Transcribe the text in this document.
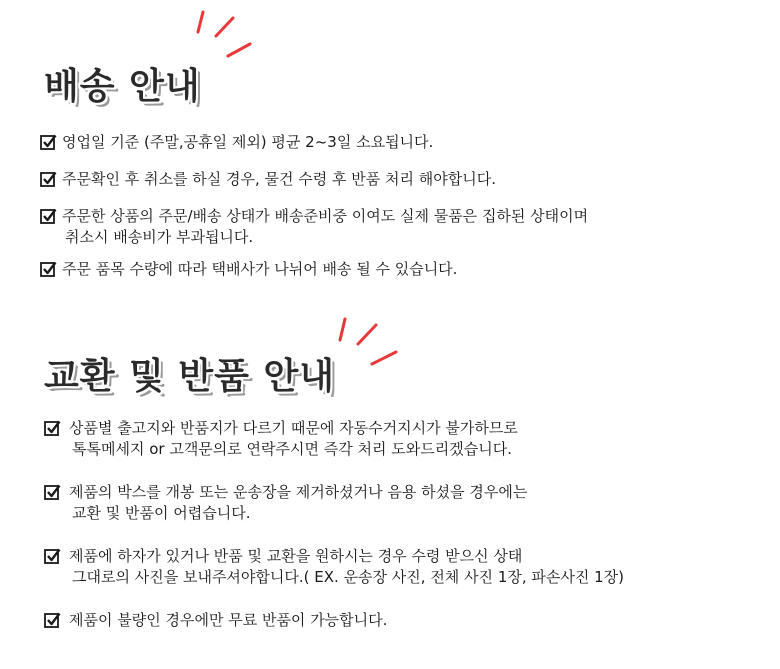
배송 안내
영업일 기준 (주말,공휴일 제외) 평균 2~3일 소요됩니다.
주문확인 후 취소를 하실 경우, 물건 수령 후 반품 처리 해야합니다.
주문한 상품의 주문/배송 상태가 배송준비중 이여도 실제 물품은 집하된 상태이며
취소시 배송비가 부과됩니다.
주문 품목 수량에 따라 택배사가 나뉘어 배송 될 수 있습니다.
교환 및 반품 안내
상품별 출고지와 반품지가 다르기 때문에 자동수거지시가 불가하므로
톡톡메세지 or 고객문의로 연락주시면 즉각 처리 도와드리겠습니다.
제품의 박스를 개봉 또는 운송장을 제거하셨거나 음용 하셨을 경우에는
교환 및 반품이 어렵습니다.
제품에 하자가 있거나 반품 및 교환을 원하시는 경우 수령 받으신 상태
그대로의 사진을 보내주셔야합니다.( EX. 운송장 사진, 전체 사진 1장, 파손사진 1장)
제품이 불량인 경우에만 무료 반품이 가능합니다.
